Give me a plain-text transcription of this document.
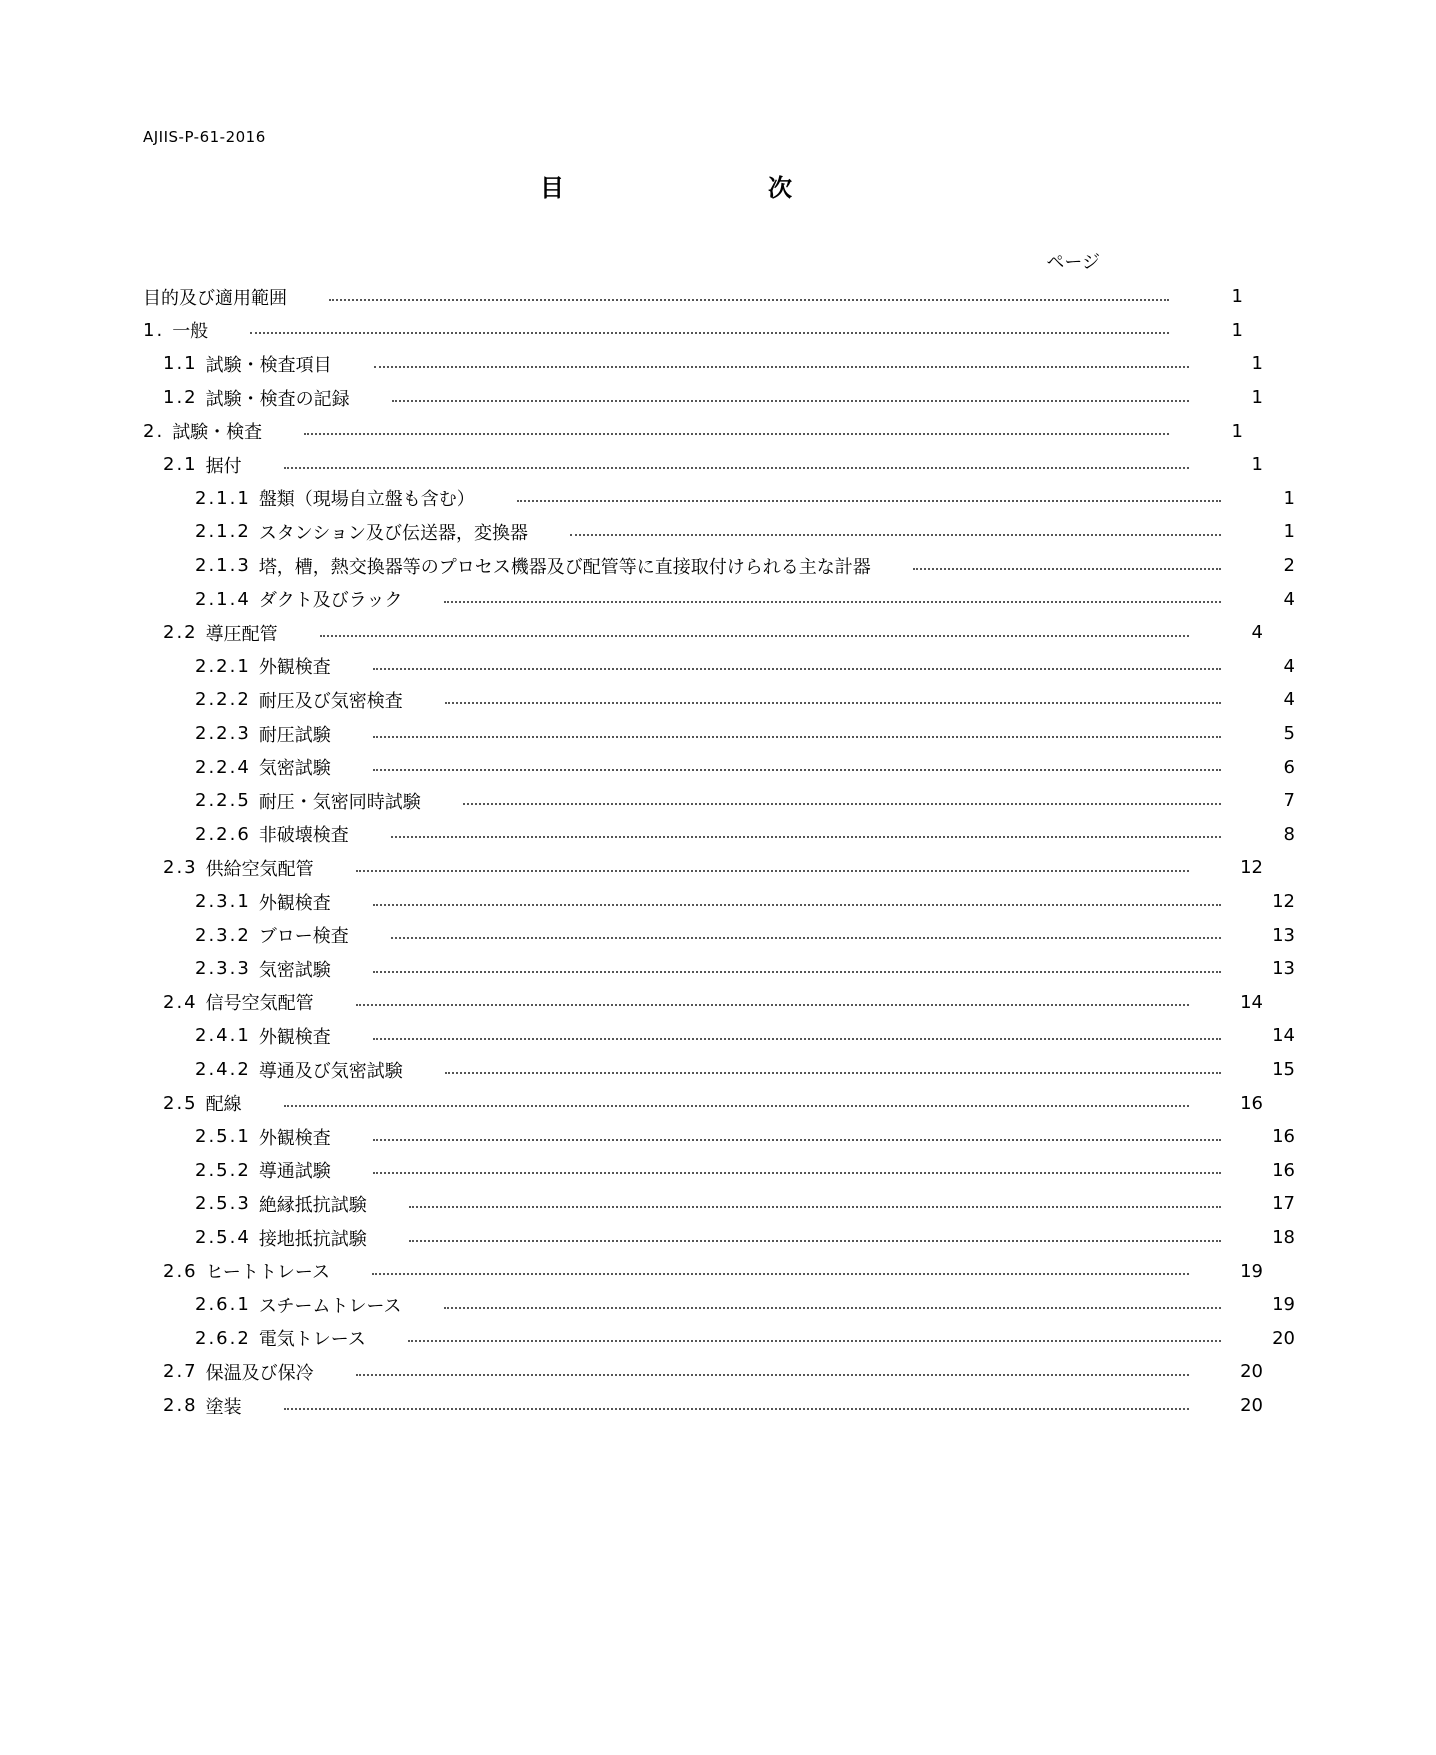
AJIIS-P-61-2016
目　次
ページ
目的及び適用範囲	1
1. 一般	1
1.1 試験・検査項目	1
1.2 試験・検査の記録	1
2. 試験・検査	1
2.1 据付	1
2.1.1 盤類（現場自立盤も含む）	1
2.1.2 スタンション及び伝送器，変換器	1
2.1.3 塔，槽，熱交換器等のプロセス機器及び配管等に直接取付けられる主な計器	2
2.1.4 ダクト及びラック	4
2.2 導圧配管	4
2.2.1 外観検査	4
2.2.2 耐圧及び気密検査	4
2.2.3 耐圧試験	5
2.2.4 気密試験	6
2.2.5 耐圧・気密同時試験	7
2.2.6 非破壊検査	8
2.3 供給空気配管	12
2.3.1 外観検査	12
2.3.2 ブロー検査	13
2.3.3 気密試験	13
2.4 信号空気配管	14
2.4.1 外観検査	14
2.4.2 導通及び気密試験	15
2.5 配線	16
2.5.1 外観検査	16
2.5.2 導通試験	16
2.5.3 絶縁抵抗試験	17
2.5.4 接地抵抗試験	18
2.6 ヒートトレース	19
2.6.1 スチームトレース	19
2.6.2 電気トレース	20
2.7 保温及び保冷	20
2.8 塗装	20
